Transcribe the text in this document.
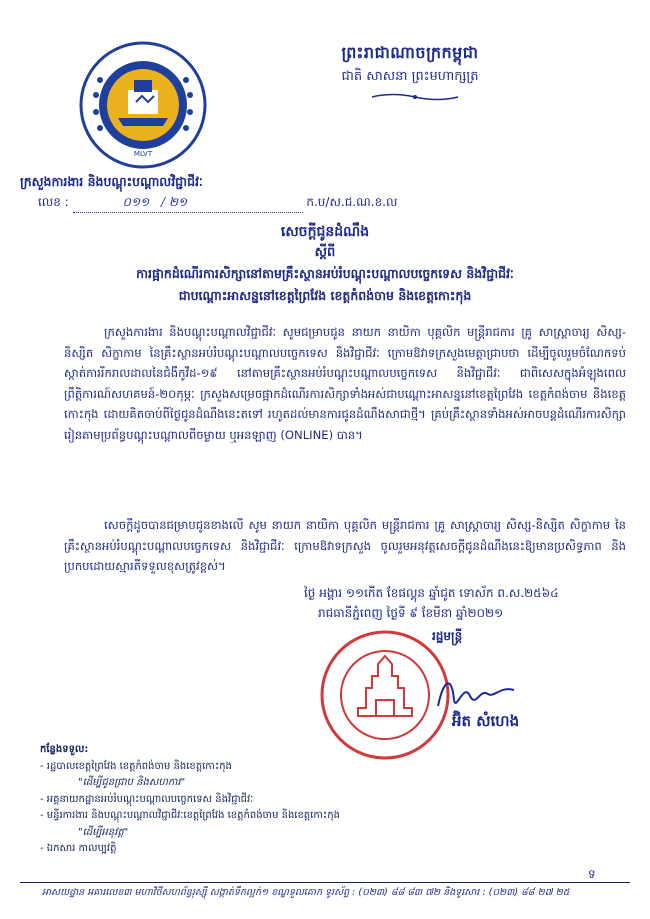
ព្រះរាជាណាចក្រកម្ពុជា
ជាតិ សាសនា ព្រះមហាក្សត្រ
MLVT
ក្រសួងការងារ និងបណ្តុះបណ្តាលវិជ្ជាជីវៈ
លេខ :	០១១ / ២១	ក.ប/ស.ជ.ណ.ខ.ល
សេចក្តីជូនដំណឹង
ស្តីពី
ការផ្អាកដំណើរការសិក្សានៅតាមគ្រឹះស្ថានអប់រំបណ្តុះបណ្តាលបច្ចេកទេស និងវិជ្ជាជីវៈ
ជាបណ្តោះអាសន្ននៅខេត្តព្រៃវែង ខេត្តកំពង់ចាម និងខេត្តកោះកុង
ក្រសួងការងារ និងបណ្តុះបណ្តាលវិជ្ជាជីវៈ សូមជម្រាបជូន នាយក នាយិកា បុគ្គលិក មន្ត្រីរាជការ គ្រូ សាស្ត្រាចារ្យ សិស្ស-និស្សិត សិក្ខាកាម នៃគ្រឹះស្ថានអប់រំបណ្តុះបណ្តាលបច្ចេកទេស និងវិជ្ជាជីវៈ ក្រោមឱវាទក្រសួងមេត្តាជ្រាបថា ដើម្បីចូលរួមចំណែកទប់ស្កាត់ការរីករាលដាលនៃជំងឺកូវីដ-១៩ នៅតាមគ្រឹះស្ថានអប់រំបណ្តុះបណ្តាលបច្ចេកទេស និងវិជ្ជាជីវៈ ជាពិសេសក្នុងអំឡុងពេលព្រឹត្តិការណ៍សហគមន៍-២០កុម្ភៈ ក្រសួងសម្រេចផ្អាកដំណើរការសិក្សាទាំងអស់ជាបណ្តោះអាសន្ននៅខេត្តព្រៃវែង ខេត្តកំពង់ចាម និងខេត្តកោះកុង ដោយគិតចាប់ពីថ្ងៃជូនដំណឹងនេះតទៅ រហូតដល់មានការជូនដំណឹងសាជាថ្មី។ គ្រប់គ្រឹះស្ថានទាំងអស់អាចបន្តដំណើរការសិក្សារៀនតាមប្រព័ន្ធបណ្តុះបណ្តាលពីចម្ងាយ ឬអនឡាញ (ONLINE) បាន។
សេចក្តីដូចបានជម្រាបជូនខាងលើ សូម នាយក នាយិកា បុគ្គលិក មន្ត្រីរាជការ គ្រូ សាស្ត្រាចារ្យ សិស្ស-និស្សិត សិក្ខាកាម នៃគ្រឹះស្ថានអប់រំបណ្តុះបណ្តាលបច្ចេកទេស និងវិជ្ជាជីវៈ ក្រោមឱវាទក្រសួង ចូលរួមអនុវត្តសេចក្តីជូនដំណឹងនេះឱ្យមានប្រសិទ្ធភាព និងប្រកបដោយស្មារតីទទួលខុសត្រូវខ្ពស់។
ថ្ងៃ អង្គារ ១១កើត ខែផល្គុន ឆ្នាំជូត ទោស័ក ព.ស.២៥៦៤
រាជធានីភ្នំពេញ ថ្ងៃទី ៩ ខែមីនា ឆ្នាំ២០២១
រដ្ឋមន្ត្រី
អ៊ិត សំហេង
កន្លែងទទួល:
- រដ្ឋបាលខេត្តព្រៃវែង ខេត្តកំពង់ចាម និងខេត្តកោះកុង
"ដើម្បីជូនជ្រាប និងសហការ"
- អគ្គនាយកដ្ឋានអប់រំបណ្តុះបណ្តាលបច្ចេកទេស និងវិជ្ជាជីវៈ
- មន្ទីរការងារ និងបណ្តុះបណ្តាលវិជ្ជាជីវៈខេត្តព្រៃវែង ខេត្តកំពង់ចាម និងខេត្តកោះកុង
"ដើម្បីអនុវត្ត"
- ឯកសារ កាលប្បវត្តិ
ទ
អាសយដ្ឋាន អគារលេខ៣ មហាវិថីសហព័ន្ធរុស្ស៊ី សង្កាត់ទឹកល្អក់១ ខណ្ឌទួលគោក ទូរស័ព្ទ : (០២៣) ៨៨ ៨៣ ៧២ និងទូរសារ : (០២៣) ៨៨ ២៧ ២៥
